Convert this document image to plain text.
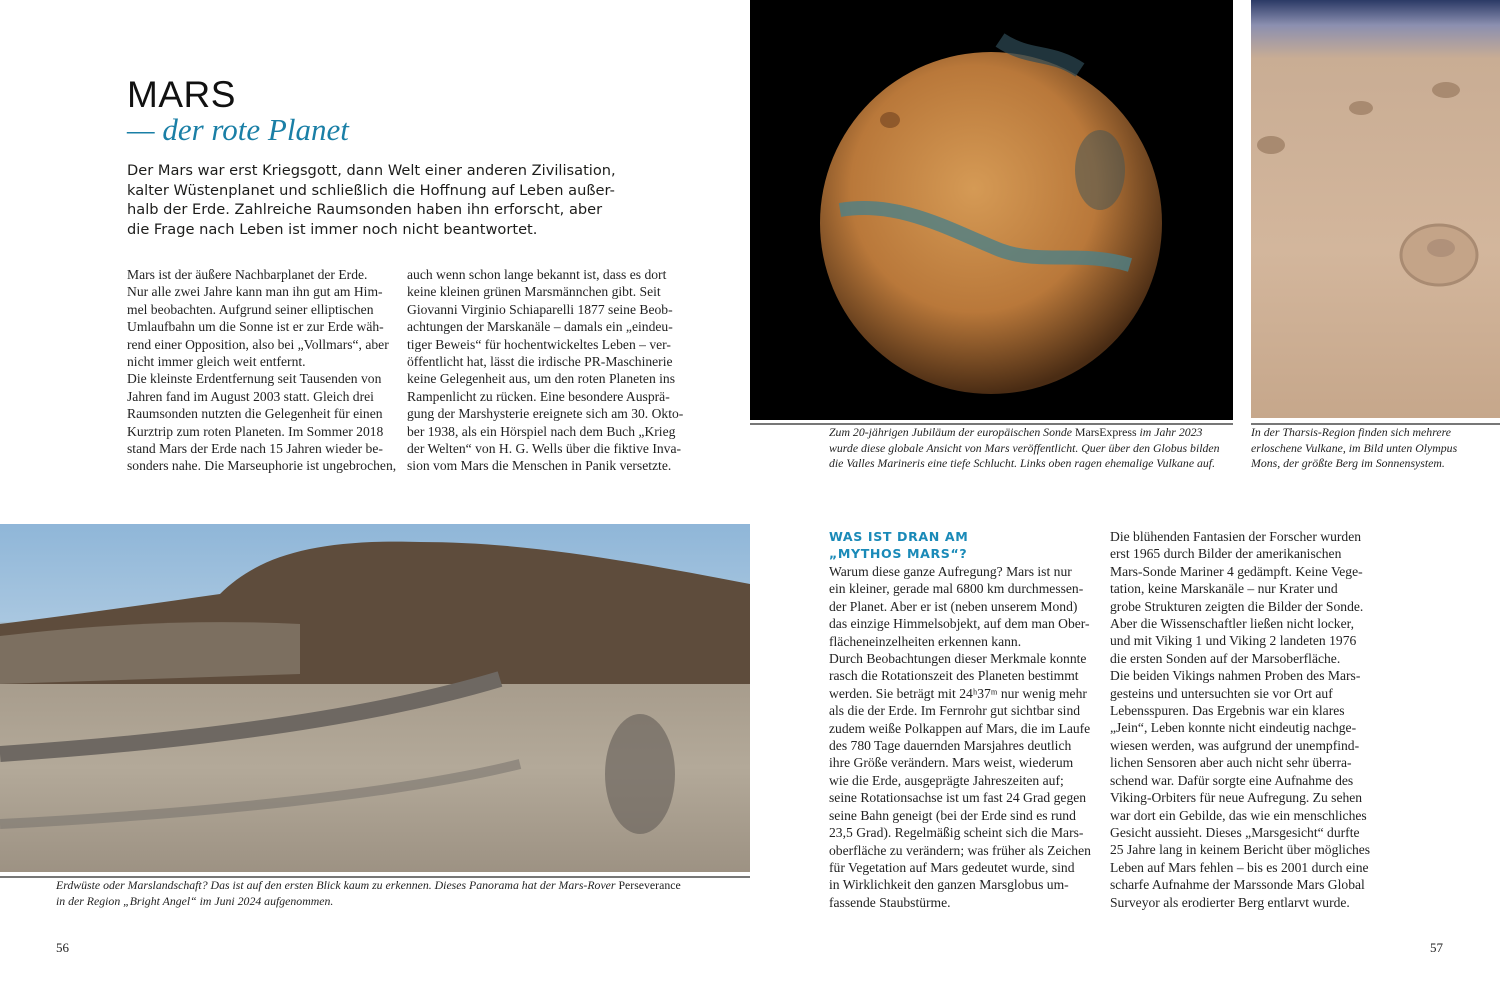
MARS
— der rote Planet
Der Mars war erst Kriegsgott, dann Welt einer anderen Zivilisation,
kalter Wüstenplanet und schließlich die Hoffnung auf Leben außer-
halb der Erde. Zahlreiche Raumsonden haben ihn erforscht, aber
die Frage nach Leben ist immer noch nicht beantwortet.
Mars ist der äußere Nachbarplanet der Erde.
Nur alle zwei Jahre kann man ihn gut am Him-
mel beobachten. Aufgrund seiner elliptischen
Umlaufbahn um die Sonne ist er zur Erde wäh-
rend einer Opposition, also bei „Vollmars“, aber
nicht immer gleich weit entfernt.
Die kleinste Erdentfernung seit Tausenden von
Jahren fand im August 2003 statt. Gleich drei
Raumsonden nutzten die Gelegenheit für einen
Kurztrip zum roten Planeten. Im Sommer 2018
stand Mars der Erde nach 15 Jahren wieder be-
sonders nahe. Die Marseuphorie ist ungebrochen,
auch wenn schon lange bekannt ist, dass es dort
keine kleinen grünen Marsmännchen gibt. Seit
Giovanni Virginio Schiaparelli 1877 seine Beob-
achtungen der Marskanäle – damals ein „eindeu-
tiger Beweis“ für hochentwickeltes Leben – ver-
öffentlicht hat, lässt die irdische PR-Maschinerie
keine Gelegenheit aus, um den roten Planeten ins
Rampenlicht zu rücken. Eine besondere Ausprä-
gung der Marshysterie ereignete sich am 30. Okto-
ber 1938, als ein Hörspiel nach dem Buch „Krieg
der Welten“ von H. G. Wells über die fiktive Inva-
sion vom Mars die Menschen in Panik versetzte.
Zum 20-jährigen Jubiläum der europäischen Sonde MarsExpress im Jahr 2023
wurde diese globale Ansicht von Mars veröffentlicht. Quer über den Globus bilden
die Valles Marineris eine tiefe Schlucht. Links oben ragen ehemalige Vulkane auf.
In der Tharsis-Region finden sich mehrere
erloschene Vulkane, im Bild unten Olympus
Mons, der größte Berg im Sonnensystem.
Erdwüste oder Marslandschaft? Das ist auf den ersten Blick kaum zu erkennen. Dieses Panorama hat der Mars-Rover Perseverance
in der Region „Bright Angel“ im Juni 2024 aufgenommen.
WAS IST DRAN AM
„MYTHOS MARS“?
Warum diese ganze Aufregung? Mars ist nur
ein kleiner, gerade mal 6800 km durchmessen-
der Planet. Aber er ist (neben unserem Mond)
das einzige Himmelsobjekt, auf dem man Ober-
flächeneinzelheiten erkennen kann.
Durch Beobachtungen dieser Merkmale konnte
rasch die Rotationszeit des Planeten bestimmt
werden. Sie beträgt mit 24ʰ37ᵐ nur wenig mehr
als die der Erde. Im Fernrohr gut sichtbar sind
zudem weiße Polkappen auf Mars, die im Laufe
des 780 Tage dauernden Marsjahres deutlich
ihre Größe verändern. Mars weist, wiederum
wie die Erde, ausgeprägte Jahreszeiten auf;
seine Rotationsachse ist um fast 24 Grad gegen
seine Bahn geneigt (bei der Erde sind es rund
23,5 Grad). Regelmäßig scheint sich die Mars-
oberfläche zu verändern; was früher als Zeichen
für Vegetation auf Mars gedeutet wurde, sind
in Wirklichkeit den ganzen Marsglobus um-
fassende Staubstürme.
Die blühenden Fantasien der Forscher wurden
erst 1965 durch Bilder der amerikanischen
Mars-Sonde Mariner 4 gedämpft. Keine Vege-
tation, keine Marskanäle – nur Krater und
grobe Strukturen zeigten die Bilder der Sonde.
Aber die Wissenschaftler ließen nicht locker,
und mit Viking 1 und Viking 2 landeten 1976
die ersten Sonden auf der Marsoberfläche.
Die beiden Vikings nahmen Proben des Mars-
gesteins und untersuchten sie vor Ort auf
Lebensspuren. Das Ergebnis war ein klares
„Jein“, Leben konnte nicht eindeutig nachge-
wiesen werden, was aufgrund der unempfind-
lichen Sensoren aber auch nicht sehr überra-
schend war. Dafür sorgte eine Aufnahme des
Viking-Orbiters für neue Aufregung. Zu sehen
war dort ein Gebilde, das wie ein menschliches
Gesicht aussieht. Dieses „Marsgesicht“ durfte
25 Jahre lang in keinem Bericht über mögliches
Leben auf Mars fehlen – bis es 2001 durch eine
scharfe Aufnahme der Marssonde Mars Global
Surveyor als erodierter Berg entlarvt wurde.
56	57
